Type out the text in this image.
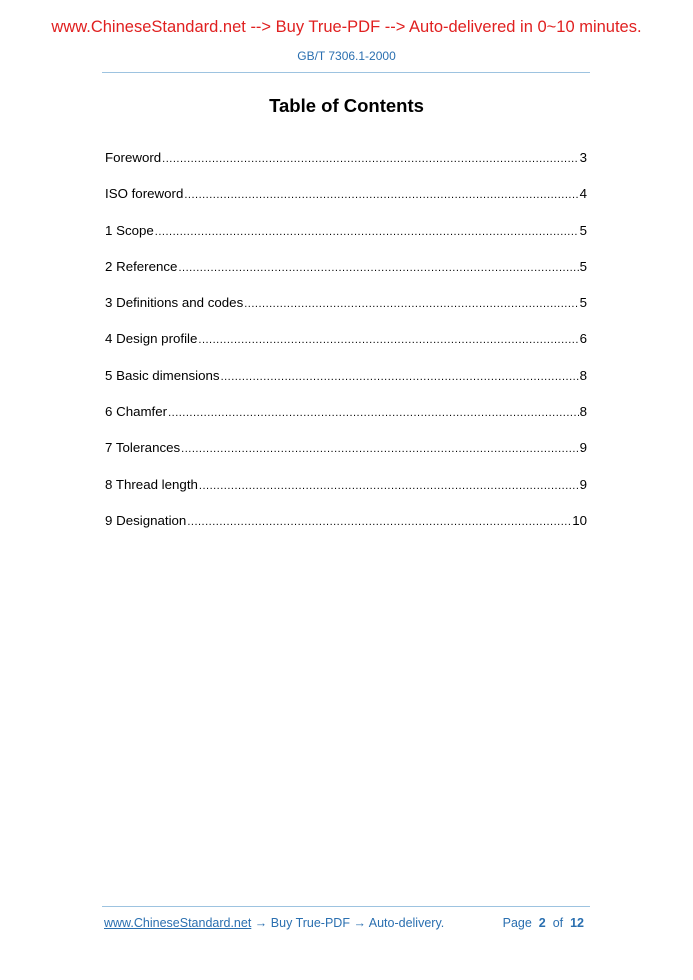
www.ChineseStandard.net --> Buy True-PDF --> Auto-delivered in 0~10 minutes.
GB/T 7306.1-2000
Table of Contents
Foreword .....	3
ISO foreword .....	4
1 Scope .....	5
2 Reference .....	5
3 Definitions and codes .....	5
4 Design profile .....	6
5 Basic dimensions .....	8
6 Chamfer .....	8
7 Tolerances .....	9
8 Thread length .....	9
9 Designation .....	10
www.ChineseStandard.net → Buy True-PDF → Auto-delivery.	Page 2 of 12
